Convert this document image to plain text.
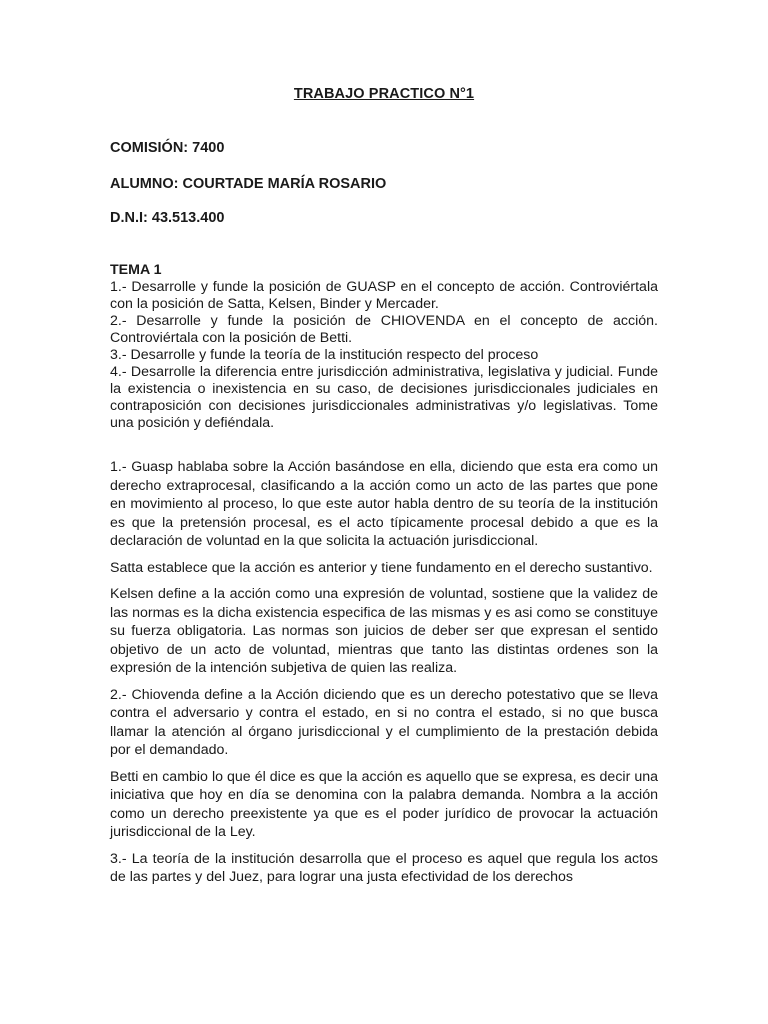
TRABAJO PRACTICO N°1
COMISIÓN: 7400
ALUMNO: COURTADE MARÍA ROSARIO
D.N.I: 43.513.400

TEMA 1

1.- Desarrolle y funde la posición de GUASP en el concepto de acción. Controviértala con la posición de Satta, Kelsen, Binder y Mercader.

2.- Desarrolle y funde la posición de CHIOVENDA en el concepto de acción. Controviértala con la posición de Betti.

3.- Desarrolle y funde la teoría de la institución respecto del proceso

4.- Desarrolle la diferencia entre jurisdicción administrativa, legislativa y judicial. Funde la existencia o inexistencia en su caso, de decisiones jurisdiccionales judiciales en contraposición con decisiones jurisdiccionales administrativas y/o legislativas. Tome una posición y defiéndala.

1.- Guasp hablaba sobre la Acción basándose en ella, diciendo que esta era como un derecho extraprocesal, clasificando a la acción como un acto de las partes que pone en movimiento al proceso, lo que este autor habla dentro de su teoría de la institución es que la pretensión procesal, es el acto típicamente procesal debido a que es la declaración de voluntad en la que solicita la actuación jurisdiccional.

Satta establece que la acción es anterior y tiene fundamento en el derecho sustantivo.

Kelsen define a la acción como una expresión de voluntad, sostiene que la validez de las normas es la dicha existencia especifica de las mismas y es asi como se constituye su fuerza obligatoria. Las normas son juicios de deber ser que expresan el sentido objetivo de un acto de voluntad, mientras que tanto las distintas ordenes son la expresión de la intención subjetiva de quien las realiza.

2.- Chiovenda define a la Acción diciendo que es un derecho potestativo que se lleva contra el adversario y contra el estado, en si no contra el estado, si no que busca llamar la atención al órgano jurisdiccional y el cumplimiento de la prestación debida por el demandado.

Betti en cambio lo que él dice es que la acción es aquello que se expresa, es decir una iniciativa que hoy en día se denomina con la palabra demanda. Nombra a la acción como un derecho preexistente ya que es el poder jurídico de provocar la actuación jurisdiccional de la Ley.

3.- La teoría de la institución desarrolla que el proceso es aquel que regula los actos de las partes y del Juez, para lograr una justa efectividad de los derechos
